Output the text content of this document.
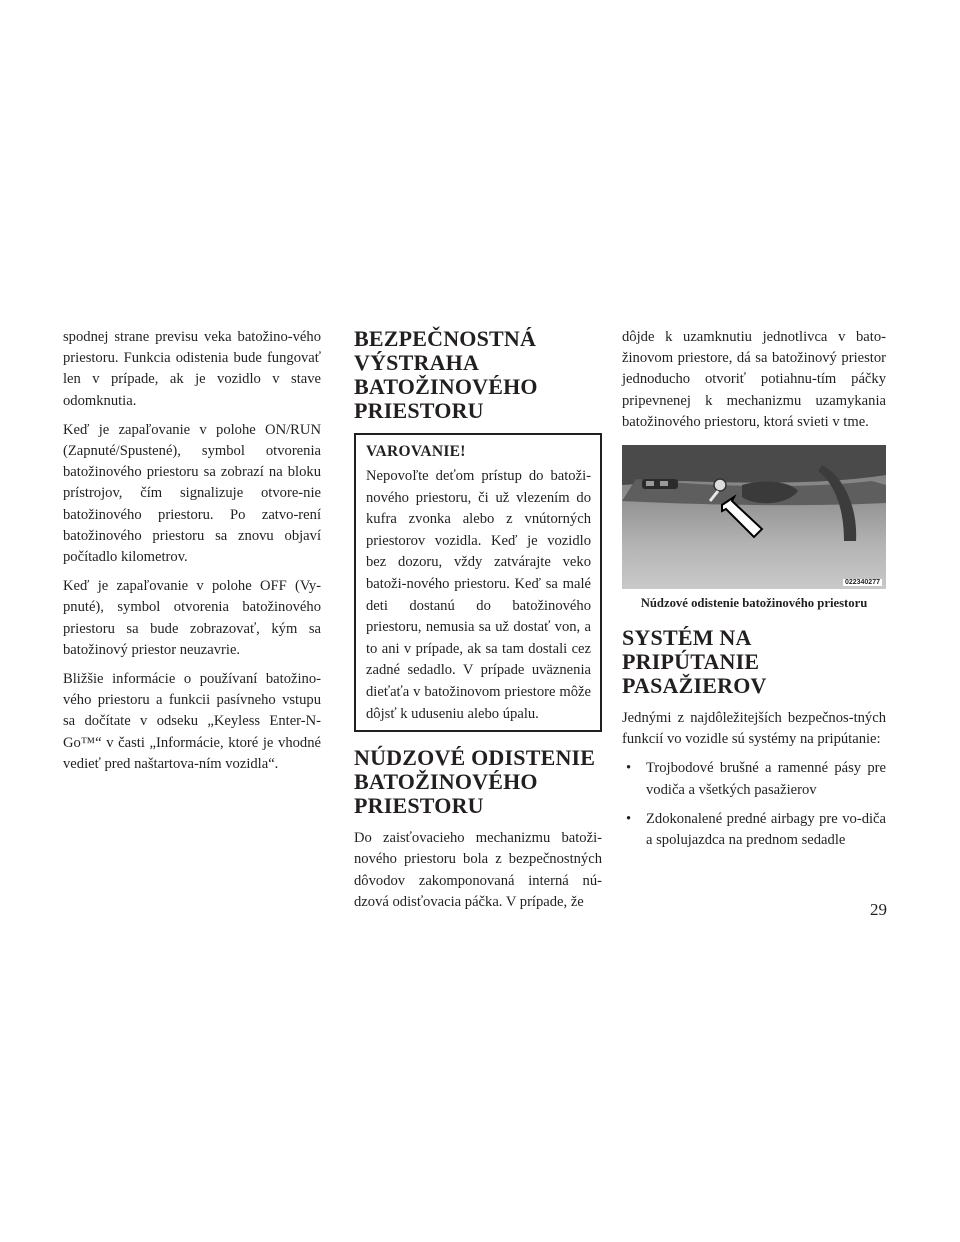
spodnej strane previsu veka batožino-vého priestoru. Funkcia odistenia bude fungovať len v prípade, ak je vozidlo v stave odomknutia.

Keď je zapaľovanie v polohe ON/RUN (Zapnuté/Spustené), symbol otvorenia batožinového priestoru sa zobrazí na bloku prístrojov, čím signalizuje otvore-nie batožinového priestoru. Po zatvo-rení batožinového priestoru sa znovu objaví počítadlo kilometrov.

Keď je zapaľovanie v polohe OFF (Vy-pnuté), symbol otvorenia batožinového priestoru sa bude zobrazovať, kým sa batožinový priestor neuzavrie.

Bližšie informácie o používaní batožino-vého priestoru a funkcii pasívneho vstupu sa dočítate v odseku „Keyless Enter-N-Go™“ v časti „Informácie, ktoré je vhodné vedieť pred naštartova-ním vozidla“.

BEZPEČNOSTNÁ VÝSTRAHA BATOŽINOVÉHO PRIESTORU
VAROVANIE!

Nepovoľte deťom prístup do batoži-nového priestoru, či už vlezením do kufra zvonka alebo z vnútorných priestorov vozidla. Keď je vozidlo bez dozoru, vždy zatvárajte veko batoži-nového priestoru. Keď sa malé deti dostanú do batožinového priestoru, nemusia sa už dostať von, a to ani v prípade, ak sa tam dostali cez zadné sedadlo. V prípade uväznenia dieťaťa v batožinovom priestore môže dôjsť k uduseniu alebo úpalu.

NÚDZOVÉ ODISTENIE BATOŽINOVÉHO PRIESTORU

Do zaisťovacieho mechanizmu batoži-nového priestoru bola z bezpečnostných dôvodov zakomponovaná interná nú-dzová odisťovacia páčka. V prípade, že

dôjde k uzamknutiu jednotlivca v bato-žinovom priestore, dá sa batožinový priestor jednoducho otvoriť potiahnu-tím páčky pripevnenej k mechanizmu uzamykania batožinového priestoru, ktorá svieti v tme.

022340277
Núdzové odistenie batožinového priestoru
SYSTÉM NA PRIPÚTANIE PASAŽIEROV

Jednými z najdôležitejších bezpečnos-tných funkcií vo vozidle sú systémy na pripútanie:

• Trojbodové brušné a ramenné pásy pre vodiča a všetkých pasažierov
• Zdokonalené predné airbagy pre vo-diča a spolujazdca na prednom sedadle
29
